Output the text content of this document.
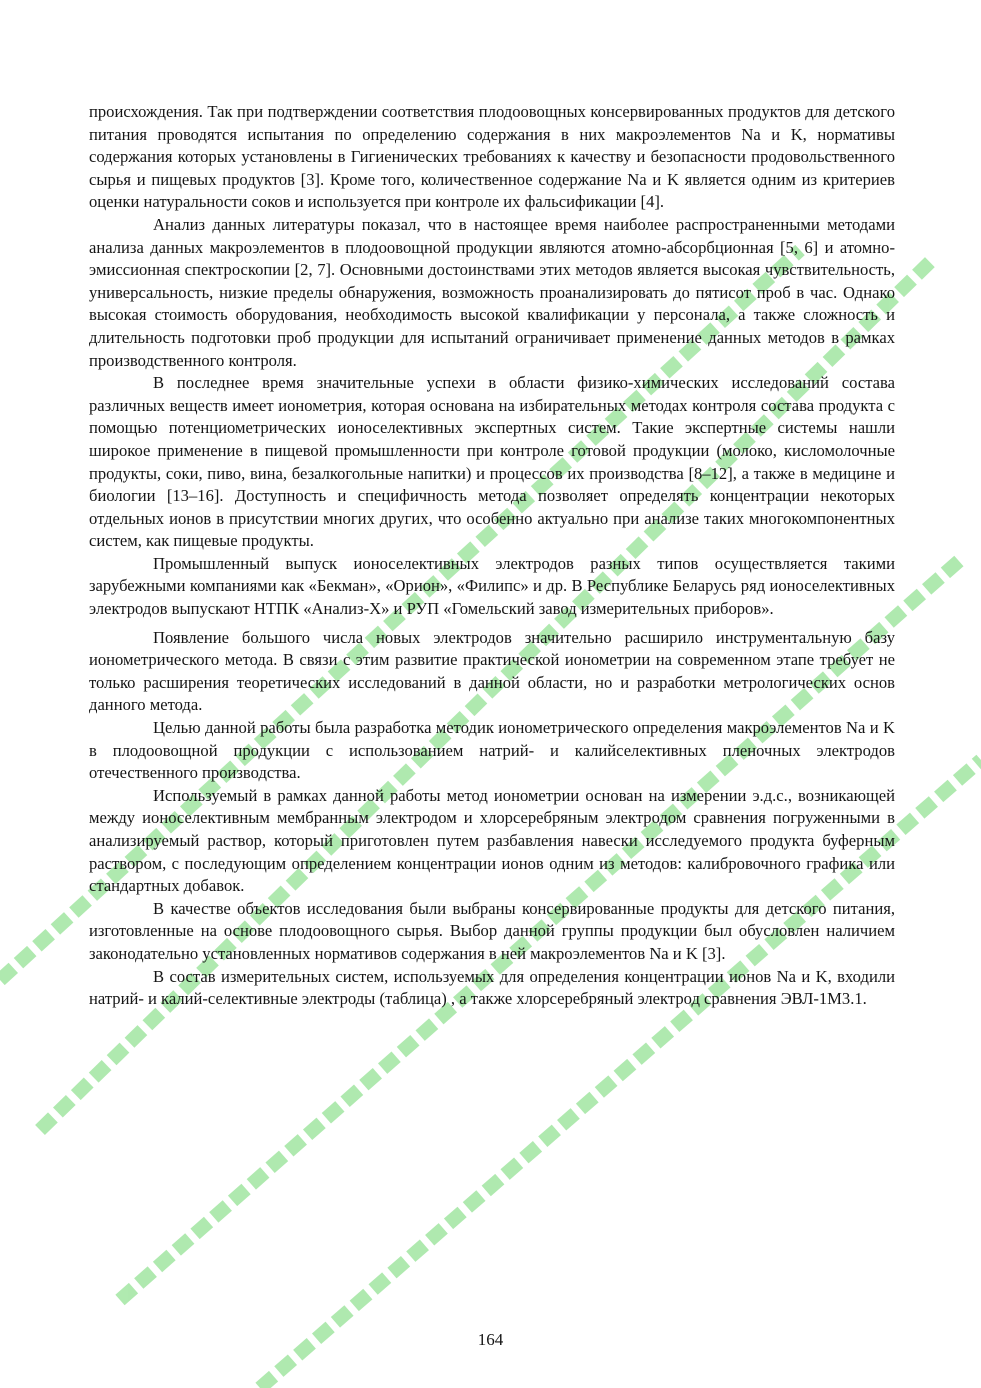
происхождения. Так при подтверждении соответствия плодоовощных консервированных продуктов для детского питания проводятся испытания по определению содержания в них макроэлементов Na и K, нормативы содержания которых установлены в Гигиенических требованиях к качеству и безопасности продовольственного сырья и пищевых продуктов [3]. Кроме того, количественное содержание Na и K является одним из критериев оценки натуральности соков и используется при контроле их фальсификации [4].

Анализ данных литературы показал, что в настоящее время наиболее распространенными методами анализа данных макроэлементов в плодоовощной продукции являются атомно-абсорбционная [5, 6] и атомно-эмиссионная спектроскопии [2, 7]. Основными достоинствами этих методов является высокая чувствительность, универсальность, низкие пределы обнаружения, возможность проанализировать до пятисот проб в час. Однако высокая стоимость оборудования, необходимость высокой квалификации у персонала, а также сложность и длительность подготовки проб продукции для испытаний ограничивает применение данных методов в рамках производственного контроля.

В последнее время значительные успехи в области физико-химических исследований состава различных веществ имеет ионометрия, которая основана на избирательных методах контроля состава продукта с помощью потенциометрических ионоселективных экспертных систем. Такие экспертные системы нашли широкое применение в пищевой промышленности при контроле готовой продукции (молоко, кисломолочные продукты, соки, пиво, вина, безалкогольные напитки) и процессов их производства [8–12], а также в медицине и биологии [13–16]. Доступность и специфичность метода позволяет определять концентрации некоторых отдельных ионов в присутствии многих других, что особенно актуально при анализе таких многокомпонентных систем, как пищевые продукты.

Промышленный выпуск ионоселективных электродов разных типов осуществляется такими зарубежными компаниями как «Бекман», «Орион», «Филипс» и др. В Республике Беларусь ряд ионоселективных электродов выпускают НТПК «Анализ-Х» и РУП «Гомельский завод измерительных приборов».

Появление большого числа новых электродов значительно расширило инструментальную базу ионометрического метода. В связи с этим развитие практической ионометрии на современном этапе требует не только расширения теоретических исследований в данной области, но и разработки метрологических основ данного метода.

Целью данной работы была разработка методик ионометрического определения макроэлементов Na и K в плодоовощной продукции с использованием натрий- и калийселективных пленочных электродов отечественного производства.

Используемый в рамках данной работы метод ионометрии основан на измерении э.д.с., возникающей между ионоселективным мембранным электродом и хлорсеребряным электродом сравнения погруженными в анализируемый раствор, который приготовлен путем разбавления навески исследуемого продукта буферным раствором, с последующим определением концентрации ионов одним из методов: калибровочного графика или стандартных добавок.

В качестве объектов исследования были выбраны консервированные продукты для детского питания, изготовленные на основе плодоовощного сырья. Выбор данной группы продукции был обусловлен наличием законодательно установленных нормативов содержания в ней макроэлементов Na и K [3].

В состав измерительных систем, используемых для определения концентрации ионов Na и K, входили натрий- и калий-селективные электроды (таблица) , а также хлорсеребряный электрод сравнения ЭВЛ-1М3.1.

164
